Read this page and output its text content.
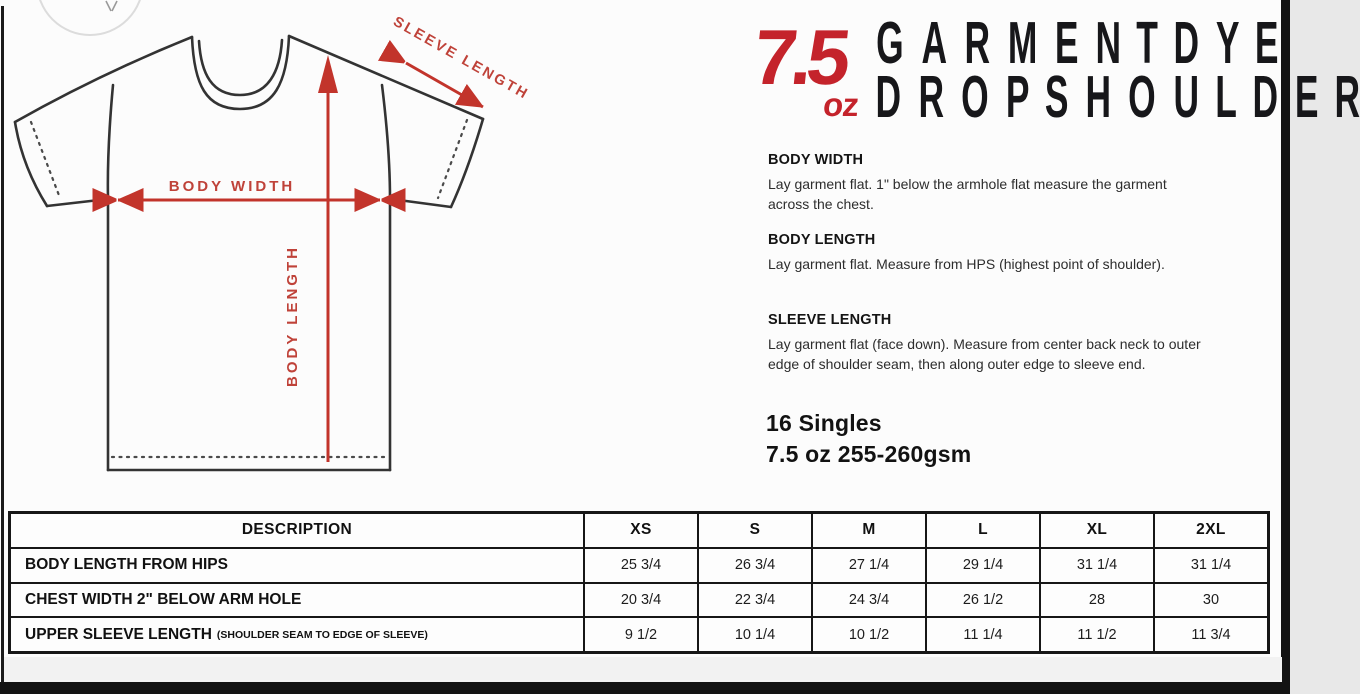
BODY WIDTH
BODY LENGTH
SLEEVE LENGTH	7.5
oz
G A R M E N T D Y E
D R O P S H O U L D E R

BODY WIDTH

Lay garment flat. 1" below the armhole flat measure the garment across the chest.

BODY LENGTH

Lay garment flat. Measure from HPS (highest point of shoulder).

SLEEVE LENGTH

Lay garment flat (face down). Measure from center back neck to outer edge of shoulder seam, then along outer edge to sleeve end.

16 Singles
7.5 oz 255-260gsm
DESCRIPTION	XS	S	M	L	XL	2XL
BODY LENGTH FROM HIPS	25 3/4	26 3/4	27 1/4	29 1/4	31 1/4	31 1/4
CHEST WIDTH 2" BELOW ARM HOLE	20 3/4	22 3/4	24 3/4	26 1/2	28	30
UPPER SLEEVE LENGTH (SHOULDER SEAM TO EDGE OF SLEEVE)	9 1/2	10 1/4	10 1/2	11 1/4	11 1/2	11 3/4
